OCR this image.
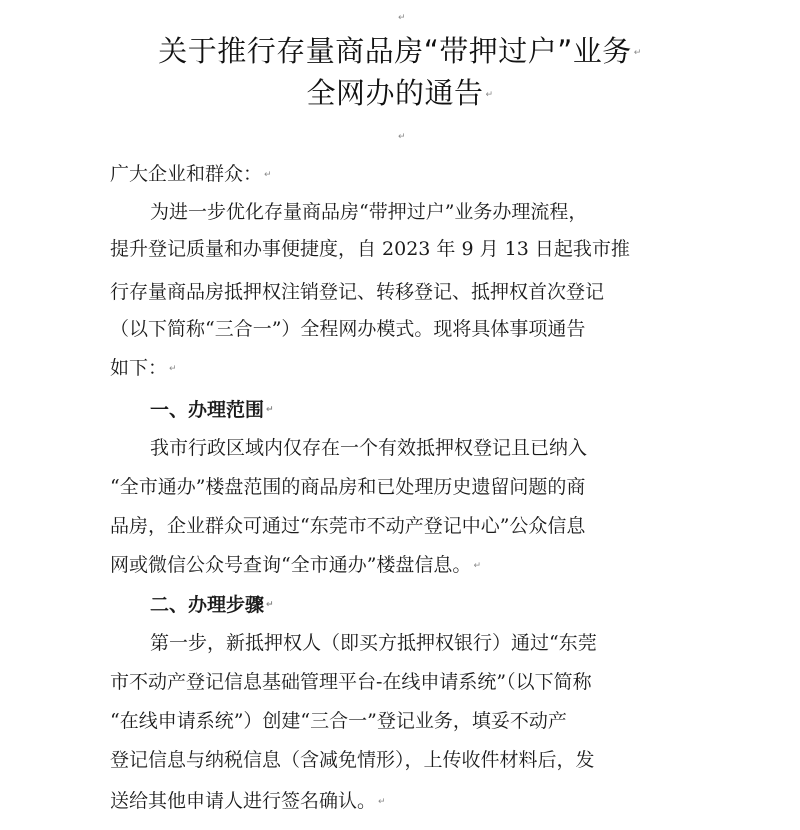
↵
关于推行存量商品房“带押过户”业务 ↵
全网办的通告 ↵
↵
广大企业和群众： ↵
为进一步优化存量商品房“带押过户”业务办理流程，
提升登记质量和办事便捷度，自 2023 年 9 月 13 日起我市推
行存量商品房抵押权注销登记、转移登记、抵押权首次登记
（以下简称“三合一”）全程网办模式。现将具体事项通告
如下： ↵
一、办理范围 ↵
我市行政区域内仅存在一个有效抵押权登记且已纳入
“全市通办”楼盘范围的商品房和已处理历史遗留问题的商
品房，企业群众可通过“东莞市不动产登记中心”公众信息
网或微信公众号查询“全市通办”楼盘信息。 ↵
二、办理步骤 ↵
第一步，新抵押权人（即买方抵押权银行）通过“东莞
市不动产登记信息基础管理平台-在线申请系统”（以下简称
“在线申请系统”）创建“三合一”登记业务，填妥不动产
登记信息与纳税信息（含减免情形），上传收件材料后，发
送给其他申请人进行签名确认。 ↵
